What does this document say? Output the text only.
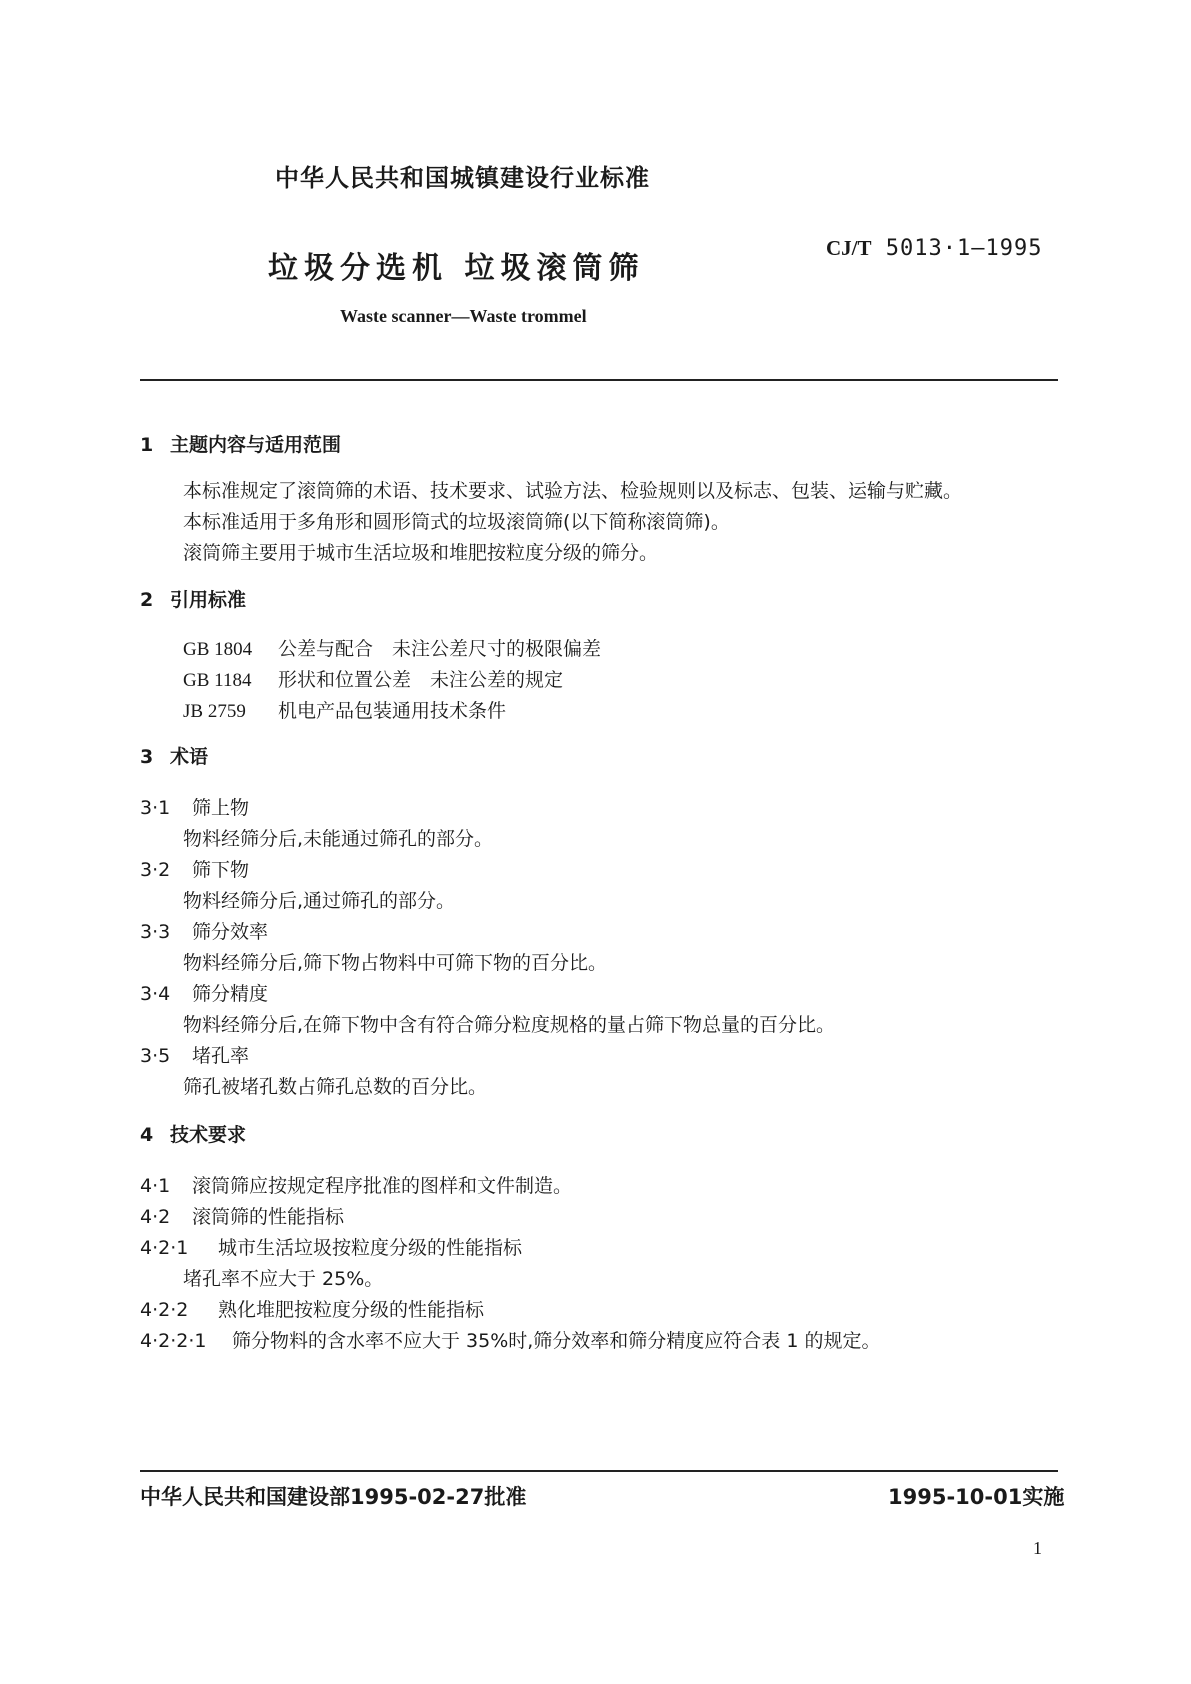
中华人民共和国城镇建设行业标准
垃圾分选机 垃圾滚筒筛
CJ/T 5013·1—1995
Waste scanner—Waste trommel
1 主题内容与适用范围
本标准规定了滚筒筛的术语、技术要求、试验方法、检验规则以及标志、包装、运输与贮藏。
本标准适用于多角形和圆形筒式的垃圾滚筒筛(以下简称滚筒筛)。
滚筒筛主要用于城市生活垃圾和堆肥按粒度分级的筛分。
2 引用标准
GB 1804 公差与配合　未注公差尺寸的极限偏差
GB 1184 形状和位置公差　未注公差的规定
JB 2759 机电产品包装通用技术条件
3 术语
3·1 筛上物
物料经筛分后,未能通过筛孔的部分。
3·2 筛下物
物料经筛分后,通过筛孔的部分。
3·3 筛分效率
物料经筛分后,筛下物占物料中可筛下物的百分比。
3·4 筛分精度
物料经筛分后,在筛下物中含有符合筛分粒度规格的量占筛下物总量的百分比。
3·5 堵孔率
筛孔被堵孔数占筛孔总数的百分比。
4 技术要求
4·1 滚筒筛应按规定程序批准的图样和文件制造。
4·2 滚筒筛的性能指标
4·2·1 城市生活垃圾按粒度分级的性能指标
堵孔率不应大于 25%。
4·2·2 熟化堆肥按粒度分级的性能指标
4·2·2·1 筛分物料的含水率不应大于 35%时,筛分效率和筛分精度应符合表 1 的规定。
中华人民共和国建设部1995-02-27批准	1995-10-01实施
1
